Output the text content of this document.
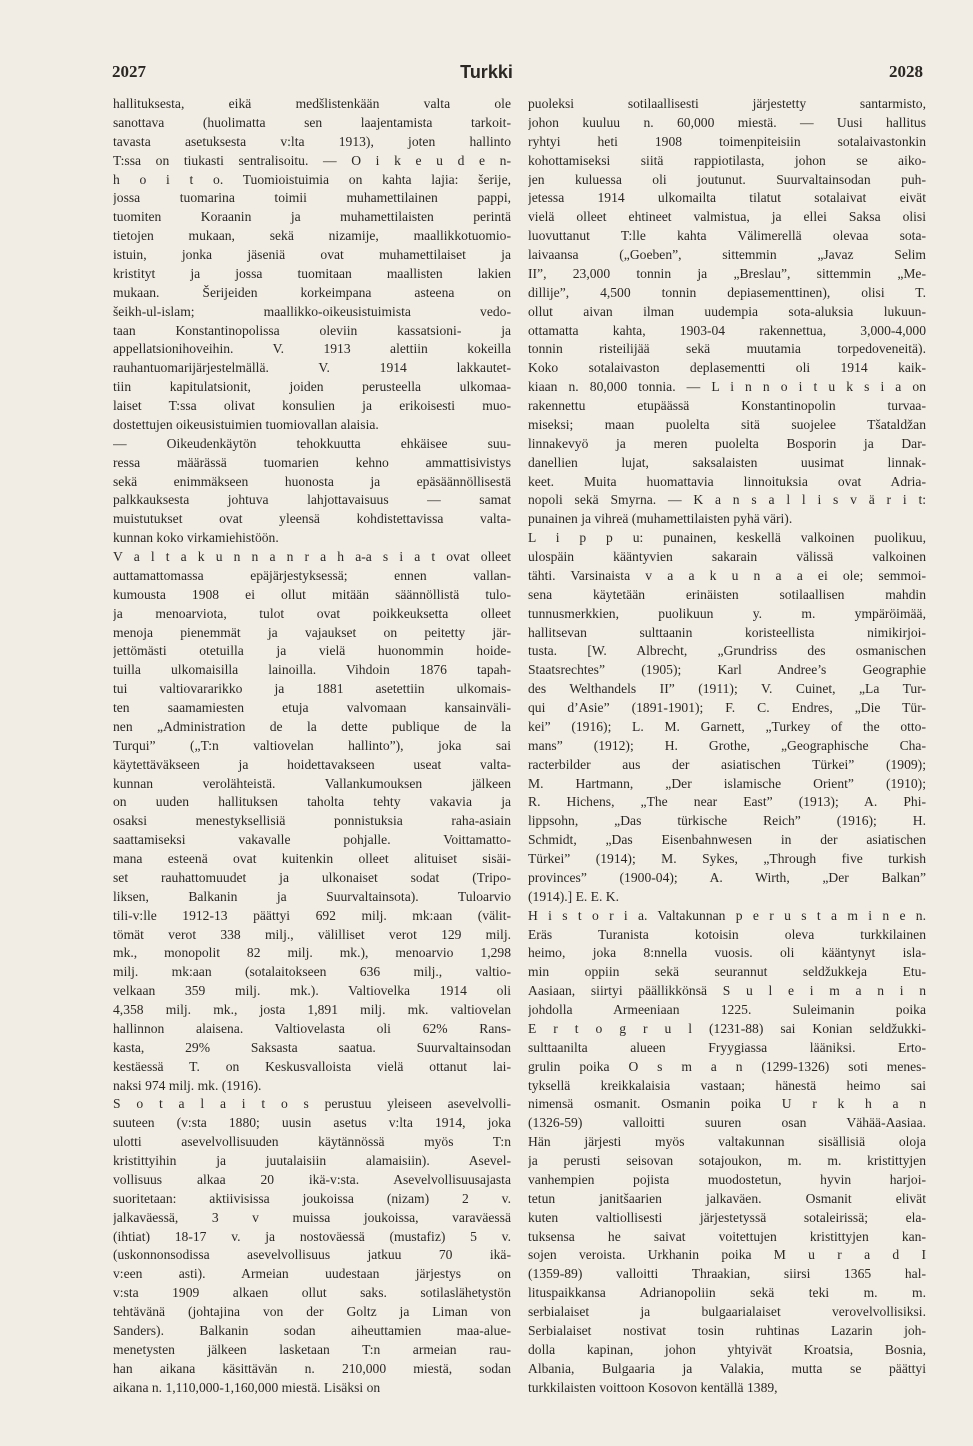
2027	Turkki	2028
hallituksesta, eikä medšlistenkään valta ole
sanottava (huolimatta sen laajentamista tarkoit-
tavasta asetuksesta v:lta 1913), joten hallinto
T:ssa on tiukasti sentralisoitu. — O i k e u d e n-
h o i t o. Tuomioistuimia on kahta lajia: šerije,
jossa tuomarina toimii muhamettilainen pappi,
tuomiten Koraanin ja muhamettilaisten perintä
tietojen mukaan, sekä nizamije, maallikkotuomio-
istuin, jonka jäseniä ovat muhamettilaiset ja
kristityt ja jossa tuomitaan maallisten lakien
mukaan. Šerijeiden korkeimpana asteena on
šeikh-ul-islam; maallikko-oikeusistuimista vedo-
taan Konstantinopolissa oleviin kassatsioni- ja
appellatsionihoveihin. V. 1913 alettiin kokeilla
rauhantuomarijärjestelmällä. V. 1914 lakkautet-
tiin kapitulatsionit, joiden perusteella ulkomaa-
laiset T:ssa olivat konsulien ja erikoisesti muo-
dostettujen oikeusistuimien tuomiovallan alaisia.
— Oikeudenkäytön tehokkuutta ehkäisee suu-
ressa määrässä tuomarien kehno ammattisivistys
sekä enimmäkseen huonosta ja epäsäännöllisestä
palkkauksesta johtuva lahjottavaisuus — samat
muistutukset ovat yleensä kohdistettavissa valta-
kunnan koko virkamiehistöön.
V a l t a k u n n a n r a h a-a s i a t ovat olleet
auttamattomassa epäjärjestyksessä; ennen vallan-
kumousta 1908 ei ollut mitään säännöllistä tulo-
ja menoarviota, tulot ovat poikkeuksetta olleet
menoja pienemmät ja vajaukset on peitetty jär-
jettömästi otetuilla ja vielä huonommin hoide-
tuilla ulkomaisilla lainoilla. Vihdoin 1876 tapah-
tui valtiovararikko ja 1881 asetettiin ulkomais-
ten saamamiesten etuja valvomaan kansainväli-
nen „Administration de la dette publique de la
Turqui” („T:n valtiovelan hallinto”), joka sai
käytettäväkseen ja hoidettavakseen useat valta-
kunnan verolähteistä. Vallankumouksen jälkeen
on uuden hallituksen taholta tehty vakavia ja
osaksi menestyksellisiä ponnistuksia raha-asiain
saattamiseksi vakavalle pohjalle. Voittamatto-
mana esteenä ovat kuitenkin olleet alituiset sisäi-
set rauhattomuudet ja ulkonaiset sodat (Tripo-
liksen, Balkanin ja Suurvaltainsota). Tuloarvio
tili-v:lle 1912-13 päättyi 692 milj. mk:aan (välit-
tömät verot 338 milj., välilliset verot 129 milj.
mk., monopolit 82 milj. mk.), menoarvio 1,298
milj. mk:aan (sotalaitokseen 636 milj., valtio-
velkaan 359 milj. mk.). Valtiovelka 1914 oli
4,358 milj. mk., josta 1,891 milj. mk. valtiovelan
hallinnon alaisena. Valtiovelasta oli 62% Rans-
kasta, 29% Saksasta saatua. Suurvaltainsodan
kestäessä T. on Keskusvalloista vielä ottanut lai-
naksi 974 milj. mk. (1916).
S o t a l a i t o s perustuu yleiseen asevelvolli-
suuteen (v:sta 1880; uusin asetus v:lta 1914, joka
ulotti asevelvollisuuden käytännössä myös T:n
kristittyihin ja juutalaisiin alamaisiin). Asevel-
vollisuus alkaa 20 ikä-v:sta. Asevelvollisuusajasta
suoritetaan: aktiivisissa joukoissa (nizam) 2 v.
jalkaväessä, 3 v muissa joukoissa, varaväessä
(ihtiat) 18-17 v. ja nostoväessä (mustafiz) 5 v.
(uskonnonsodissa asevelvollisuus jatkuu 70 ikä-
v:een asti). Armeian uudestaan järjestys on
v:sta 1909 alkaen ollut saks. sotilaslähetystön
tehtävänä (johtajina von der Goltz ja Liman von
Sanders). Balkanin sodan aiheuttamien maa-alue-
menetysten jälkeen lasketaan T:n armeian rau-
han aikana käsittävän n. 210,000 miestä, sodan
aikana n. 1,110,000-1,160,000 miestä. Lisäksi on
puoleksi sotilaallisesti järjestetty santarmisto,
johon kuuluu n. 60,000 miestä. — Uusi hallitus
ryhtyi heti 1908 toimenpiteisiin sotalaivastonkin
kohottamiseksi siitä rappiotilasta, johon se aiko-
jen kuluessa oli joutunut. Suurvaltainsodan puh-
jetessa 1914 ulkomailta tilatut sotalaivat eivät
vielä olleet ehtineet valmistua, ja ellei Saksa olisi
luovuttanut T:lle kahta Välimerellä olevaa sota-
laivaansa („Goeben”, sittemmin „Javaz Selim
II”, 23,000 tonnin ja „Breslau”, sittemmin „Me-
dillije”, 4,500 tonnin depiasementtinen), olisi T.
ollut aivan ilman uudempia sota-aluksia lukuun-
ottamatta kahta, 1903-04 rakennettua, 3,000-4,000
tonnin risteilijää sekä muutamia torpedoveneitä).
Koko sotalaivaston deplasementti oli 1914 kaik-
kiaan n. 80,000 tonnia. — L i n n o i t u k s i a on
rakennettu etupäässä Konstantinopolin turvaa-
miseksi; maan puolelta sitä suojelee Tšataldžan
linnakevyö ja meren puolelta Bosporin ja Dar-
danellien lujat, saksalaisten uusimat linnak-
keet. Muita huomattavia linnoituksia ovat Adria-
nopoli sekä Smyrna. — K a n s a l l i s v ä r i t:
punainen ja vihreä (muhamettilaisten pyhä väri).
L i p p u: punainen, keskellä valkoinen puolikuu,
ulospäin kääntyvien sakarain välissä valkoinen
tähti. Varsinaista v a a k u n a a ei ole; semmoi-
sena käytetään erinäisten sotilaallisen mahdin
tunnusmerkkien, puolikuun y. m. ympäröimää,
hallitsevan sulttaanin koristeellista nimikirjoi-
tusta. [W. Albrecht, „Grundriss des osmanischen
Staatsrechtes” (1905); Karl Andree’s Geographie
des Welthandels II” (1911); V. Cuinet, „La Tur-
qui d’Asie” (1891-1901); F. C. Endres, „Die Tür-
kei” (1916); L. M. Garnett, „Turkey of the otto-
mans” (1912); H. Grothe, „Geographische Cha-
racterbilder aus der asiatischen Türkei” (1909);
M. Hartmann, „Der islamische Orient” (1910);
R. Hichens, „The near East” (1913); A. Phi-
lippsohn, „Das türkische Reich” (1916); H.
Schmidt, „Das Eisenbahnwesen in der asiatischen
Türkei” (1914); M. Sykes, „Through five turkish
provinces” (1900-04); A. Wirth, „Der Balkan”
(1914).] E. E. K.
H i s t o r i a. Valtakunnan p e r u s t a m i n e n.
Eräs Turanista kotoisin oleva turkkilainen
heimo, joka 8:nnella vuosis. oli kääntynyt isla-
min oppiin sekä seurannut seldžukkeja Etu-
Aasiaan, siirtyi päällikkönsä S u l e i m a n i n
johdolla Armeeniaan 1225. Suleimanin poika
E r t o g r u l (1231-88) sai Konian seldžukki-
sulttaanilta alueen Fryygiassa lääniksi. Erto-
grulin poika O s m a n (1299-1326) soti menes-
tyksellä kreikkalaisia vastaan; hänestä heimo sai
nimensä osmanit. Osmanin poika U r k h a n
(1326-59) valloitti suuren osan Vähää-Aasiaa.
Hän järjesti myös valtakunnan sisällisiä oloja
ja perusti seisovan sotajoukon, m. m. kristittyjen
vanhempien pojista muodostetun, hyvin harjoi-
tetun janitšaarien jalkaväen. Osmanit elivät
kuten valtiollisesti järjestetyssä sotaleirissä; ela-
tuksensa he saivat voitettujen kristittyjen kan-
sojen veroista. Urkhanin poika M u r a d I
(1359-89) valloitti Thraakian, siirsi 1365 hal-
lituspaikkansa Adrianopoliin sekä teki m. m.
serbialaiset ja bulgaarialaiset verovelvollisiksi.
Serbialaiset nostivat tosin ruhtinas Lazarin joh-
dolla kapinan, johon yhtyivät Kroatsia, Bosnia,
Albania, Bulgaaria ja Valakia, mutta se päättyi
turkkilaisten voittoon Kosovon kentällä 1389,
